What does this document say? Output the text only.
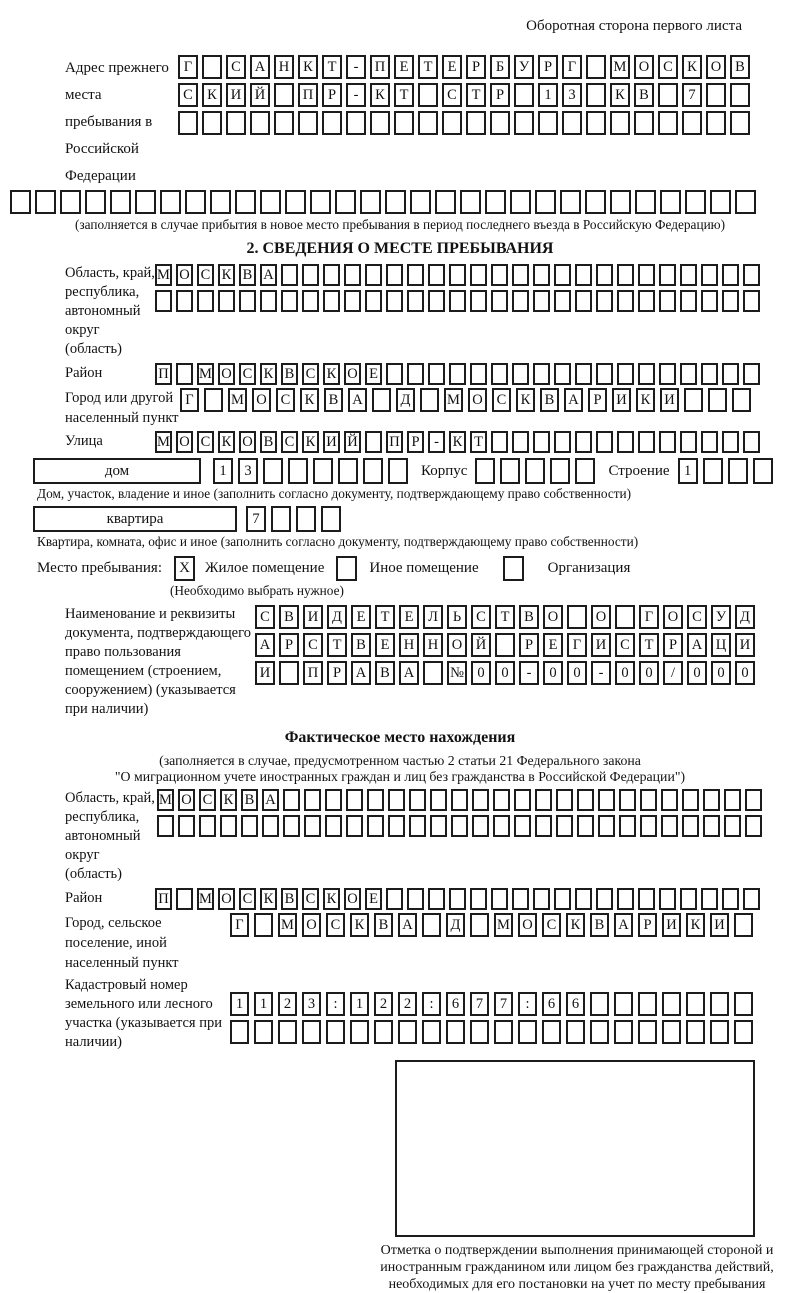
Оборотная сторона первого листа
Адрес прежнего места пребывания в Российской Федерации
Г	С А Н К	Т	-	П Е	Т	Е	Р	Б	У	Р	Г	М О С К О В
С К И Й	П	Р	-	К	Т	С	Т	Р	1	3	К В	7
(заполняется в случае прибытия в новое место пребывания в период последнего въезда в Российскую Федерацию)
2. СВЕДЕНИЯ О МЕСТЕ ПРЕБЫВАНИЯ
Область, край, республика, автономный округ (область)
М О С К В А
Район	П М О С К В С К О Е
Город или другой населенный пункт
Г	М О С К В А	Д	М О С К В А	Р	И К И
Улица	М О С К О В С К И Й П Р	- К Т
дом	1	3	Корпус	Строение 1
Дом, участок, владение и иное (заполнить согласно документу, подтверждающему право собственности)
квартира	7
Квартира, комната, офис и иное (заполнить согласно документу, подтверждающему право собственности)
Место пребывания:	X	Жилое помещение	Иное помещение	Организация
(Необходимо выбрать нужное)
Наименование и реквизиты документа, подтверждающего право пользования помещением (строением, сооружением) (указывается при наличии)
С В И Д	Е	Т	Е	Л	Ь	С	Т	В О	О	Г	О С У Д
А	Р	С	Т	В	Е Н Н О Й	Р	Е	Г	И С	Т	Р	А Ц И
И	П	Р	А В А	№ 0	0	-	0	0	-	0	0	/	0	0	0
Фактическое место нахождения
(заполняется в случае, предусмотренном частью 2 статьи 21 Федерального закона
"О миграционном учете иностранных граждан и лиц без гражданства в Российской Федерации")
Область, край, республика, автономный округ (область)
М О С К В А
Район	П М О С К В С К О Е
Город, сельское поселение, иной населенный пункт
Г	М О С К В А	Д	М О С К В А	Р	И К И
Кадастровый номер земельного или лесного участка (указывается при наличии)
1	1	2	3	:	1	2	2	:	6	7	7	:	6	6
Отметка о подтверждении выполнения принимающей стороной и иностранным гражданином или лицом без гражданства действий, необходимых для его постановки на учет по месту пребывания
